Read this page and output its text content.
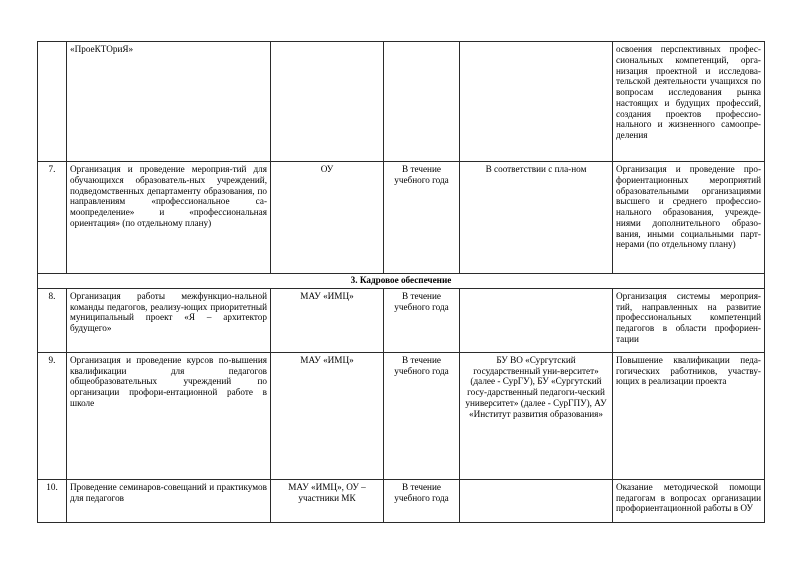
	«ПроеКТОриЯ»				освоения перспективных профес-сиональных компетенций, орга-низация проектной и исследова-тельской деятельности учащихся по вопросам исследования рынка настоящих и будущих профессий, создания проектов профессио-нального и жизненного самоопре-деления
7.	Организация и проведение мероприя-тий для обучающихся образователь-ных учреждений, подведомственных департаменту образования, по направлениям «профессиональное са-моопределение» и «профессиональная ориентация» (по отдельному плану)	ОУ	В течение учебного года	В соответствии с пла-ном	Организация и проведение про-фориентационных мероприятий образовательными организациями высшего и среднего профессио-нального образования, учрежде-ниями дополнительного образо-вания, иными социальными парт-нерами (по отдельному плану)
3. Кадровое обеспечение					
8.	Организация работы межфункцио-нальной команды педагогов, реализу-ющих приоритетный муниципальный проект «Я – архитектор будущего»	МАУ «ИМЦ»	В течение учебного года		Организация системы мероприя-тий, направленных на развитие профессиональных компетенций педагогов в области профориен-тации
9.	Организация и проведение курсов по-вышения квалификации для педагогов общеобразовательных учреждений по организации профори-ентационной работе в школе	МАУ «ИМЦ»	В течение учебного года	БУ ВО «Сургутский государственный уни-верситет» (далее - СурГУ), БУ «Сургутский госу-дарственный педагоги-ческий университет» (далее - СурГПУ), АУ «Институт развития образования»	Повышение квалификации педа-гогических работников, участву-ющих в реализации проекта
10.	Проведение семинаров-совещаний и практикумов для педагогов	МАУ «ИМЦ», ОУ – участники МК	В течение учебного года		Оказание методической помощи педагогам в вопросах организации профориентационной работы в ОУ
